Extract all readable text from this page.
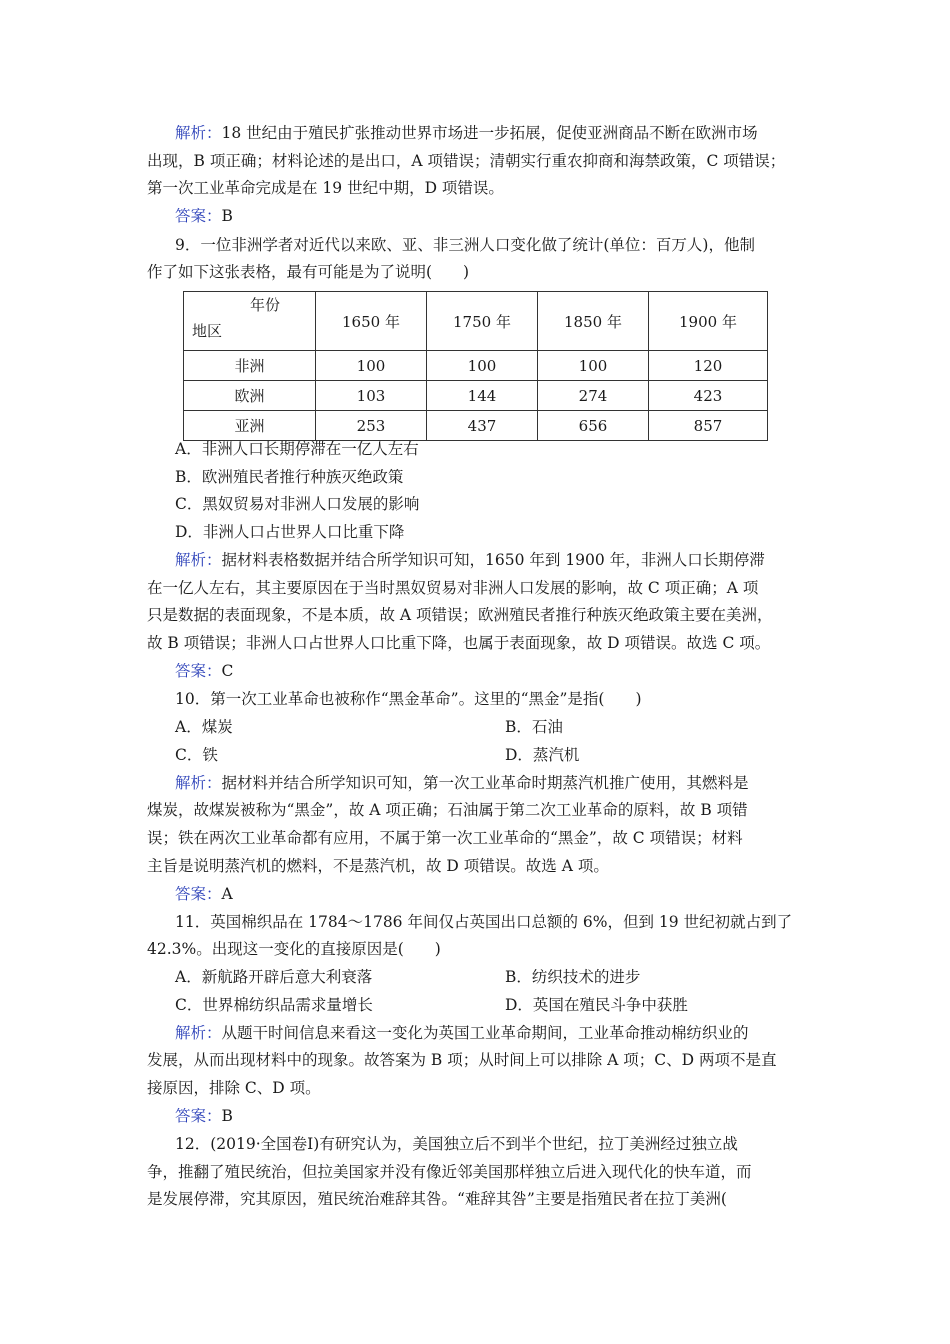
解析：18 世纪由于殖民扩张推动世界市场进一步拓展，促使亚洲商品不断在欧洲市场
出现，B 项正确；材料论述的是出口，A 项错误；清朝实行重农抑商和海禁政策，C 项错误；
第一次工业革命完成是在 19 世纪中期，D 项错误。
答案：B
9．一位非洲学者对近代以来欧、亚、非三洲人口变化做了统计(单位：百万人)，他制
作了如下这张表格，最有可能是为了说明(　　)
年份
地区	1650 年	1750 年	1850 年	1900 年
非洲	100	100	100	120
欧洲	103	144	274	423
亚洲	253	437	656	857
A．非洲人口长期停滞在一亿人左右
B．欧洲殖民者推行种族灭绝政策
C．黑奴贸易对非洲人口发展的影响
D．非洲人口占世界人口比重下降
解析：据材料表格数据并结合所学知识可知，1650 年到 1900 年，非洲人口长期停滞
在一亿人左右，其主要原因在于当时黑奴贸易对非洲人口发展的影响，故 C 项正确；A 项
只是数据的表面现象，不是本质，故 A 项错误；欧洲殖民者推行种族灭绝政策主要在美洲，
故 B 项错误；非洲人口占世界人口比重下降，也属于表面现象，故 D 项错误。故选 C 项。
答案：C
10．第一次工业革命也被称作“黑金革命”。这里的“黑金”是指(　　)
A．煤炭	B．石油
C．铁	D．蒸汽机
解析：据材料并结合所学知识可知，第一次工业革命时期蒸汽机推广使用，其燃料是
煤炭，故煤炭被称为“黑金”，故 A 项正确；石油属于第二次工业革命的原料，故 B 项错
误；铁在两次工业革命都有应用，不属于第一次工业革命的“黑金”，故 C 项错误；材料
主旨是说明蒸汽机的燃料，不是蒸汽机，故 D 项错误。故选 A 项。
答案：A
11．英国棉织品在 1784～1786 年间仅占英国出口总额的 6%，但到 19 世纪初就占到了
42.3%。出现这一变化的直接原因是(　　)
A．新航路开辟后意大利衰落	B．纺织技术的进步
C．世界棉纺织品需求量增长	D．英国在殖民斗争中获胜
解析：从题干时间信息来看这一变化为英国工业革命期间，工业革命推动棉纺织业的
发展，从而出现材料中的现象。故答案为 B 项；从时间上可以排除 A 项；C、D 两项不是直
接原因，排除 C、D 项。
答案：B
12．(2019·全国卷Ⅰ)有研究认为，美国独立后不到半个世纪，拉丁美洲经过独立战
争，推翻了殖民统治，但拉美国家并没有像近邻美国那样独立后进入现代化的快车道，而
是发展停滞，究其原因，殖民统治难辞其咎。“难辞其咎”主要是指殖民者在拉丁美洲(
